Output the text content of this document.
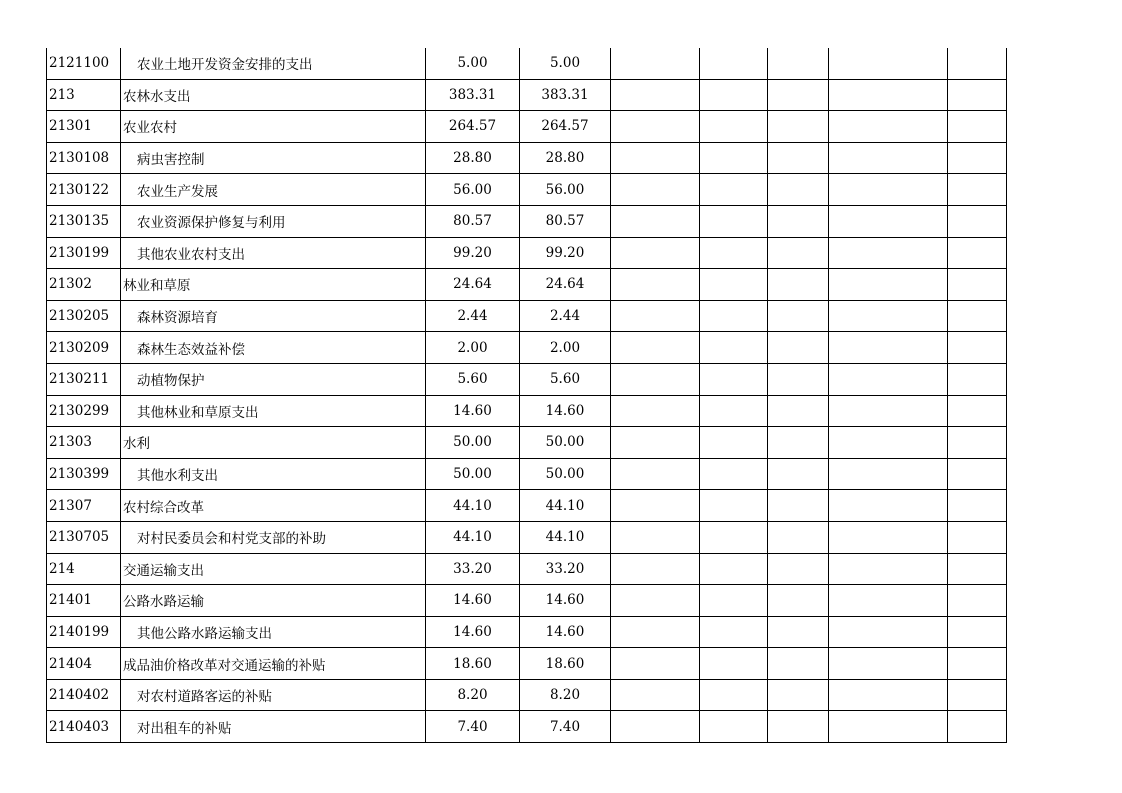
2121100	农业土地开发资金安排的支出	5.00	5.00					
213	农林水支出	383.31	383.31					
21301	农业农村	264.57	264.57					
2130108	病虫害控制	28.80	28.80					
2130122	农业生产发展	56.00	56.00					
2130135	农业资源保护修复与利用	80.57	80.57					
2130199	其他农业农村支出	99.20	99.20					
21302	林业和草原	24.64	24.64					
2130205	森林资源培育	2.44	2.44					
2130209	森林生态效益补偿	2.00	2.00					
2130211	动植物保护	5.60	5.60					
2130299	其他林业和草原支出	14.60	14.60					
21303	水利	50.00	50.00					
2130399	其他水利支出	50.00	50.00					
21307	农村综合改革	44.10	44.10					
2130705	对村民委员会和村党支部的补助	44.10	44.10					
214	交通运输支出	33.20	33.20					
21401	公路水路运输	14.60	14.60					
2140199	其他公路水路运输支出	14.60	14.60					
21404	成品油价格改革对交通运输的补贴	18.60	18.60					
2140402	对农村道路客运的补贴	8.20	8.20					
2140403	对出租车的补贴	7.40	7.40					
